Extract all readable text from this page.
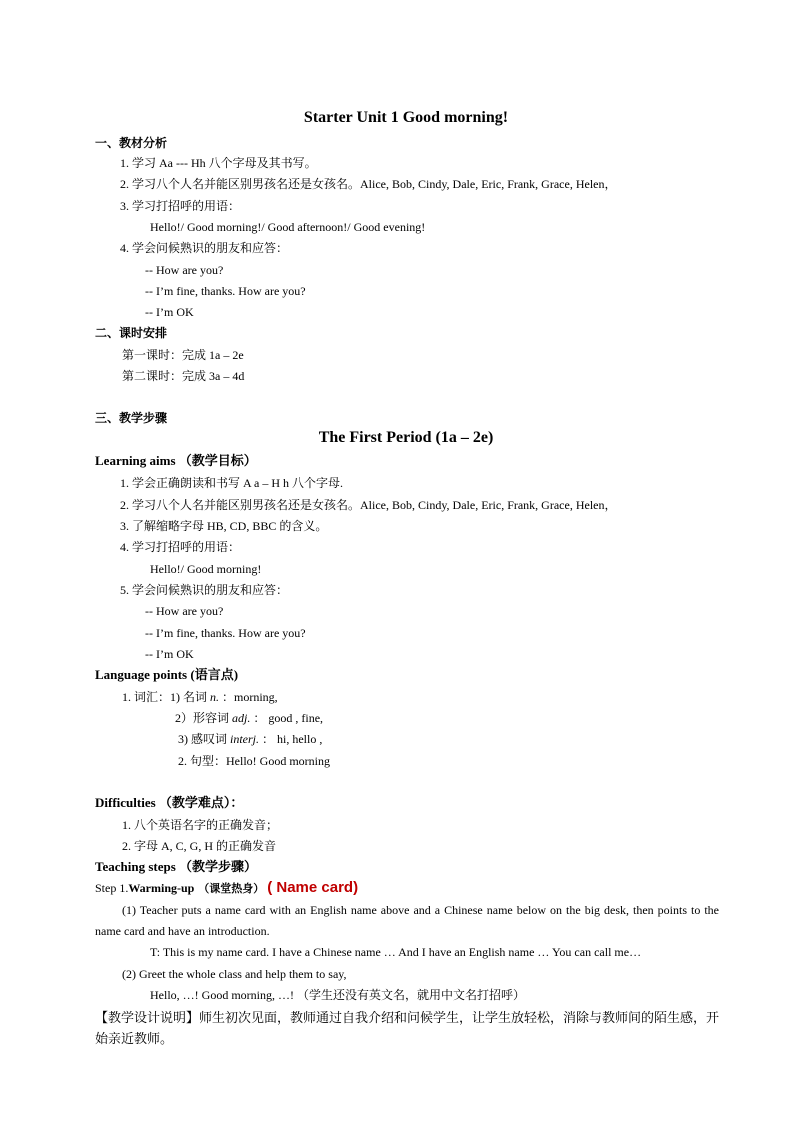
Starter Unit 1 Good morning!
一、教材分析
1. 学习 Aa --- Hh 八个字母及其书写。
2. 学习八个人名并能区别男孩名还是女孩名。Alice, Bob, Cindy, Dale, Eric, Frank, Grace, Helen，
3. 学习打招呼的用语：
Hello!/ Good morning!/ Good afternoon!/ Good evening!
4. 学会问候熟识的朋友和应答：
-- How are you?
-- I’m fine, thanks. How are you?
-- I’m OK
二、课时安排
第一课时：完成 1a – 2e
第二课时：完成 3a – 4d
三、教学步骤
The First Period (1a – 2e)
Learning aims （教学目标）
1. 学会正确朗读和书写 A a – H h 八个字母.
2. 学习八个人名并能区别男孩名还是女孩名。Alice, Bob, Cindy, Dale, Eric, Frank, Grace, Helen，
3. 了解缩略字母 HB, CD, BBC 的含义。
4. 学习打招呼的用语：
Hello!/ Good morning!
5. 学会问候熟识的朋友和应答：
-- How are you?
-- I’m fine, thanks. How are you?
-- I’m OK
Language points (语言点)
1. 词汇：1) 名词 n. ：morning,
2）形容词 adj. ： good , fine,
3) 感叹词 interj. ： hi, hello ,
2. 句型：Hello! Good morning
Difficulties （教学难点）：
1. 八个英语名字的正确发音；
2. 字母 A, C, G, H 的正确发音
Teaching steps （教学步骤）
Step 1.Warming-up （课堂热身） ( Name card)
(1) Teacher puts a name card with an English name above and a Chinese name below on the big desk, then points to the name card and have an introduction.
T: This is my name card. I have a Chinese name … And I have an English name … You can call me…
(2) Greet the whole class and help them to say,
Hello, …! Good morning, …! （学生还没有英文名，就用中文名打招呼）
【教学设计说明】师生初次见面，教师通过自我介绍和问候学生，让学生放轻松，消除与教师间的陌生感，开始亲近教师。
